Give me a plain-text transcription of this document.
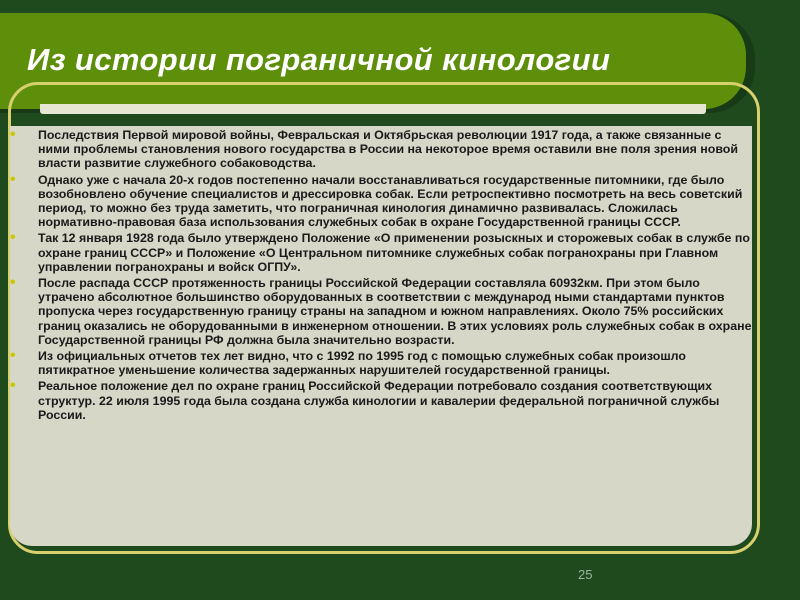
Из истории пограничной кинологии
• Последствия Первой мировой войны, Февральская и Октябрьская революции 1917 года, а также связанные с ними проблемы становления нового государства в России на некоторое время оставили вне поля зрения новой власти развитие служебного собаководства.
• Однако уже с начала 20-х годов постепенно начали восстанавливаться государственные питомники, где было возобновлено обучение специалистов и дрессировка собак. Если ретроспективно посмотреть на весь советский период, то можно без труда заметить, что пограничная кинология динамично развивалась. Сложилась нормативно-правовая база использования служебных собак в охране Государственной границы СССР.
• Так 12 января 1928 года было утверждено Положение «О применении розыскных и сторожевых собак в службе по охране границ СССР» и Положение «О Центральном питомнике служебных собак погранохраны при Главном управлении погранохраны и войск ОГПУ».
• После распада СССР протяженность границы Российской Федерации составляла 60932км. При этом было утрачено абсолютное большинство оборудованных в соответствии с международ ными стандартами пунктов пропуска через государственную границу страны на западном и южном направлениях. Около 75% российских границ оказались не оборудованными в инженерном отношении. В этих условиях роль служебных собак в охране Государственной границы РФ должна была значительно возрасти.
• Из официальных отчетов тех лет видно, что с 1992 по 1995 год с помощью служебных собак произошло пятикратное уменьшение количества задержанных нарушителей государственной границы.
• Реальное положение дел по охране границ Российской Федерации потребовало создания соответствующих структур. 22 июля 1995 года была создана служба кинологии и кавалерии федеральной пограничной службы России.
25
